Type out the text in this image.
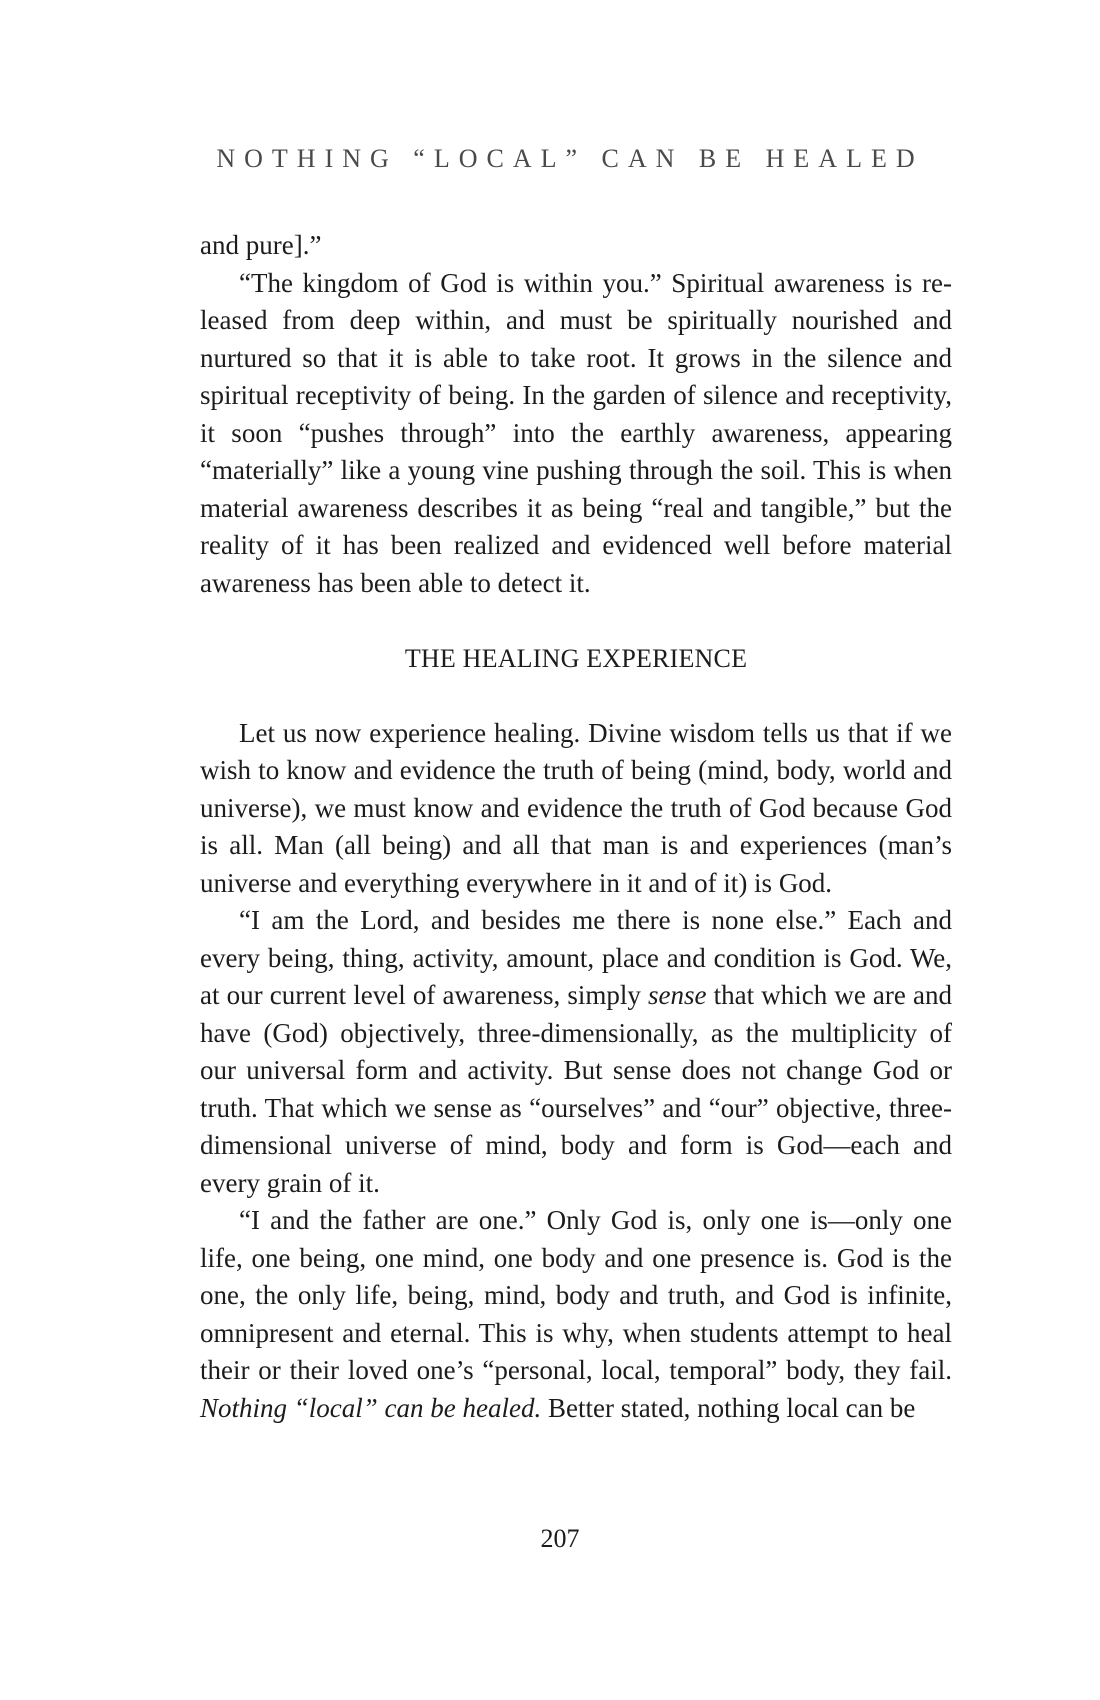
NOTHING “LOCAL” CAN BE HEALED

and pure].”

“The kingdom of God is within you.” Spiritual awareness is released from deep within, and must be spiritually nourished and nurtured so that it is able to take root. It grows in the silence and spiritual receptivity of being. In the garden of silence and receptivity, it soon “pushes through” into the earthly awareness, appearing “materially” like a young vine pushing through the soil. This is when material awareness describes it as being “real and tangible,” but the reality of it has been realized and evidenced well before material awareness has been able to detect it.

THE HEALING EXPERIENCE

Let us now experience healing. Divine wisdom tells us that if we wish to know and evidence the truth of being (mind, body, world and universe), we must know and evidence the truth of God because God is all. Man (all being) and all that man is and experiences (man’s universe and everything everywhere in it and of it) is God.

“I am the Lord, and besides me there is none else.” Each and every being, thing, activity, amount, place and condition is God. We, at our current level of awareness, simply sense that which we are and have (God) objectively, three-dimensionally, as the multiplicity of our universal form and activity. But sense does not change God or truth. That which we sense as “ourselves” and “our” objective, three-dimensional universe of mind, body and form is God—each and every grain of it.

“I and the father are one.” Only God is, only one is—only one life, one being, one mind, one body and one presence is. God is the one, the only life, being, mind, body and truth, and God is infinite, omnipresent and eternal. This is why, when students attempt to heal their or their loved one’s “personal, local, temporal” body, they fail. Nothing “local” can be healed. Better stated, nothing local can be

207
